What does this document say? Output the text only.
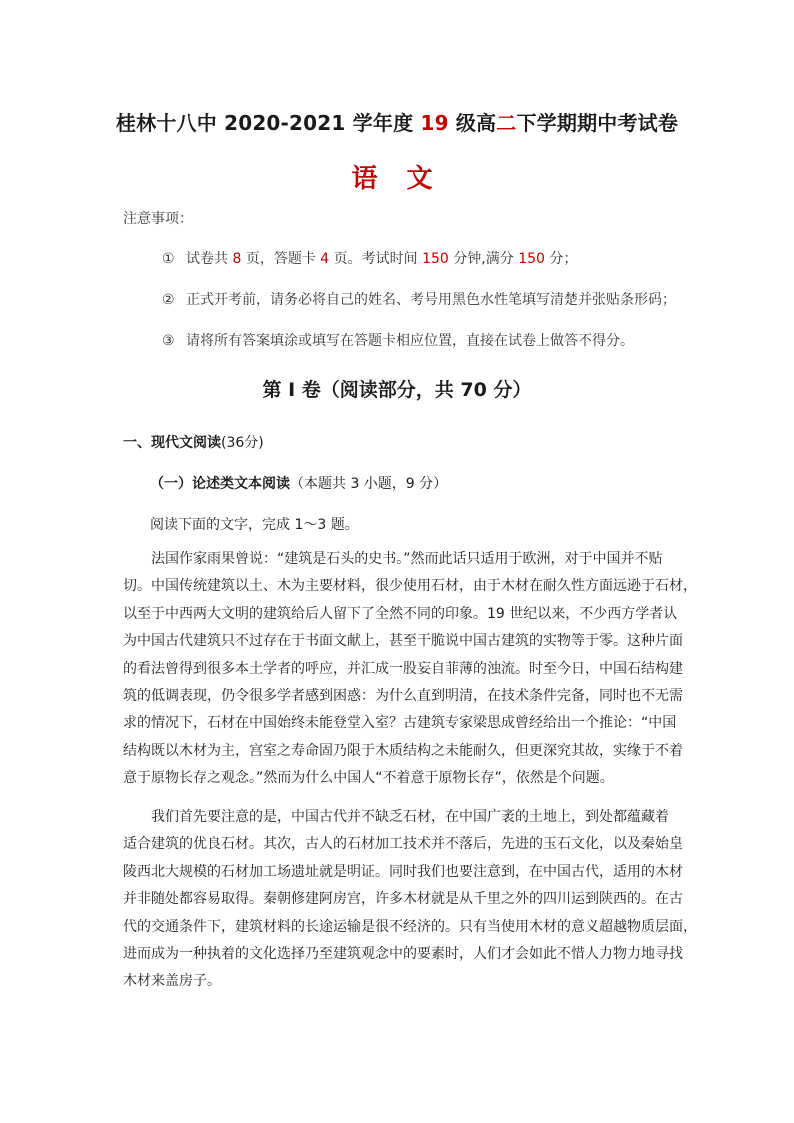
桂林十八中 2020-2021 学年度 19 级高二下学期期中考试卷
语 文
注意事项：
① 试卷共 8 页，答题卡 4 页。考试时间 150 分钟,满分 150 分；
② 正式开考前，请务必将自己的姓名、考号用黑色水性笔填写清楚并张贴条形码；
③ 请将所有答案填涂或填写在答题卡相应位置，直接在试卷上做答不得分。
第 I 卷（阅读部分，共 70 分）
一、现代文阅读(36分)
（一）论述类文本阅读（本题共 3 小题，9 分）
阅读下面的文字，完成 1～3 题。
　　法国作家雨果曾说：“建筑是石头的史书。”然而此话只适用于欧洲，对于中国并不贴
切。中国传统建筑以土、木为主要材料，很少使用石材，由于木材在耐久性方面远逊于石材，
以至于中西两大文明的建筑给后人留下了全然不同的印象。19 世纪以来，不少西方学者认
为中国古代建筑只不过存在于书面文献上，甚至干脆说中国古建筑的实物等于零。这种片面
的看法曾得到很多本土学者的呼应，并汇成一股妄自菲薄的浊流。时至今日，中国石结构建
筑的低调表现，仍令很多学者感到困惑：为什么直到明清，在技术条件完备，同时也不无需
求的情况下，石材在中国始终未能登堂入室？古建筑专家梁思成曾经给出一个推论：“中国
结构既以木材为主，宫室之寿命固乃限于木质结构之未能耐久，但更深究其故，实缘于不着
意于原物长存之观念。”然而为什么中国人“不着意于原物长存”，依然是个问题。
　　我们首先要注意的是，中国古代并不缺乏石材，在中国广袤的土地上，到处都蕴藏着
适合建筑的优良石材。其次，古人的石材加工技术并不落后，先进的玉石文化，以及秦始皇
陵西北大规模的石材加工场遗址就是明证。同时我们也要注意到，在中国古代，适用的木材
并非随处都容易取得。秦朝修建阿房宫，许多木材就是从千里之外的四川运到陕西的。在古
代的交通条件下，建筑材料的长途运输是很不经济的。只有当使用木材的意义超越物质层面，
进而成为一种执着的文化选择乃至建筑观念中的要素时，人们才会如此不惜人力物力地寻找
木材来盖房子。
